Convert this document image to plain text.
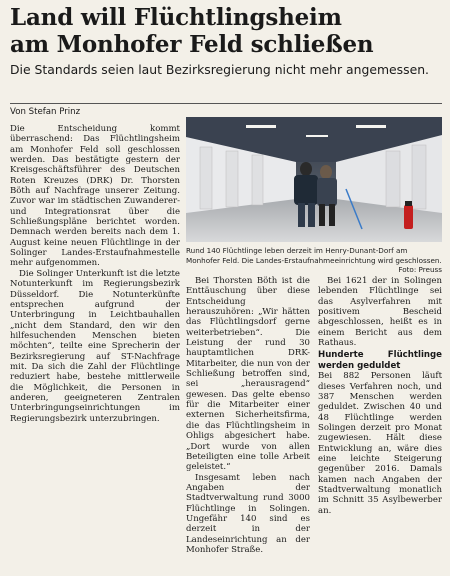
Land will Flüchtlingsheim
am Monhofer Feld schließen

Die Standards seien laut Bezirksregierung nicht mehr angemessen.

Von Stefan Prinz

Die Entscheidung kommt überraschend: Das Flüchtlingsheim am Monhofer Feld soll geschlossen werden. Das bestätigte gestern der Kreisgeschäftsführer des Deutschen Roten Kreuzes (DRK) Dr. Thorsten Böth auf Nachfrage unserer Zeitung. Zuvor war im städtischen Zuwanderer- und Integrationsrat über die Schließungspläne berichtet worden. Demnach werden bereits nach dem 1. August keine neuen Flüchtlinge in der Solinger Landes-Erstaufnahmestelle mehr aufgenommen.

Die Solinger Unterkunft ist die letzte Notunterkunft im Regierungsbezirk Düsseldorf. Die Notunterkünfte entsprechen aufgrund der Unterbringung in Leichtbauhallen „nicht dem Standard, den wir den hilfesuchenden Menschen bieten möchten“, teilte eine Sprecherin der Bezirksregierung auf ST-Nachfrage mit. Da sich die Zahl der Flüchtlinge reduziert habe, bestehe mittlerweile die Möglichkeit, die Personen in anderen, geeigneteren Zentralen Unterbringungseinrichtungen im Regierungsbezirk unterzubringen.

Rund 140 Flüchtlinge leben derzeit im Henry-Dunant-Dorf am Monhofer Feld. Die Landes-Erstaufnahmeeinrichtung wird geschlossen.
Foto: Preuss

Bei Thorsten Böth ist die Enttäuschung über diese Entscheidung herauszuhören: „Wir hätten das Flüchtlingsdorf gerne weiterbetrieben“. Die Leistung der rund 30 hauptamtlichen DRK-Mitarbeiter, die nun von der Schließung betroffen sind, sei „herausragend“ gewesen. Das gelte ebenso für die Mitarbeiter einer externen Sicherheitsfirma, die das Flüchtlingsheim in Ohligs abgesichert habe. „Dort wurde von allen Beteiligten eine tolle Arbeit geleistet.“

Insgesamt leben nach Angaben der Stadtverwaltung rund 3000 Flüchtlinge in Solingen. Ungefähr 140 sind es derzeit in der Landeseinrichtung an der Monhofer Straße.

Bei 1621 der in Solingen lebenden Flüchtlinge sei das Asylverfahren mit positivem Bescheid abgeschlossen, heißt es in einem Bericht aus dem Rathaus.

Hunderte Flüchtlinge werden geduldet

Bei 882 Personen läuft dieses Verfahren noch, und 387 Menschen werden geduldet. Zwischen 40 und 48 Flüchtlinge werden Solingen derzeit pro Monat zugewiesen. Hält diese Entwicklung an, wäre dies eine leichte Steigerung gegenüber 2016. Damals kamen nach Angaben der Stadtverwaltung monatlich im Schnitt 35 Asylbewerber an.
